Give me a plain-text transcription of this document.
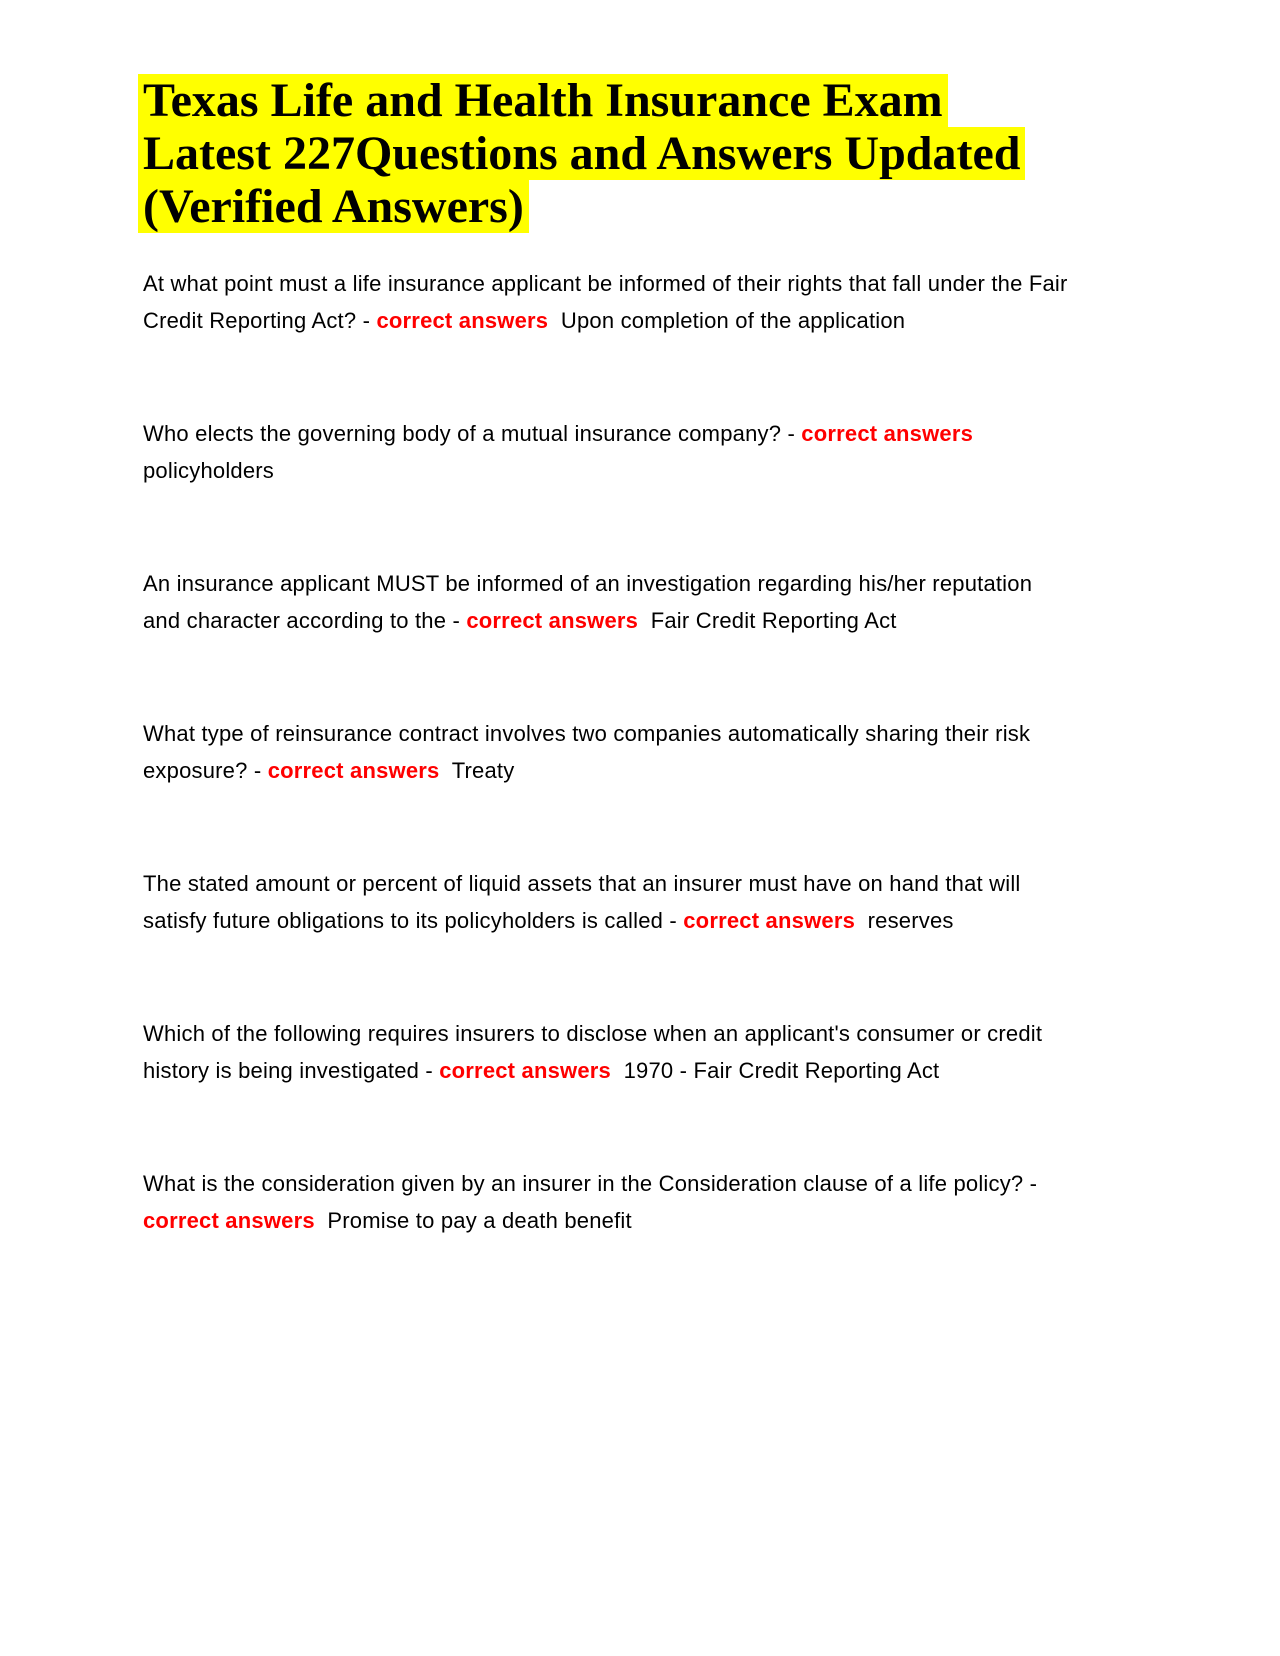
Texas Life and Health Insurance Exam
Latest 227Questions and Answers Updated
(Verified Answers)

At what point must a life insurance applicant be informed of their rights that fall under the Fair Credit Reporting Act? - correct answers  Upon completion of the application

Who elects the governing body of a mutual insurance company? - correct answers  policyholders

An insurance applicant MUST be informed of an investigation regarding his/her reputation and character according to the - correct answers  Fair Credit Reporting Act

What type of reinsurance contract involves two companies automatically sharing their risk exposure? - correct answers  Treaty

The stated amount or percent of liquid assets that an insurer must have on hand that will satisfy future obligations to its policyholders is called - correct answers  reserves

Which of the following requires insurers to disclose when an applicant's consumer or credit history is being investigated - correct answers  1970 - Fair Credit Reporting Act

What is the consideration given by an insurer in the Consideration clause of a life policy? - correct answers  Promise to pay a death benefit
